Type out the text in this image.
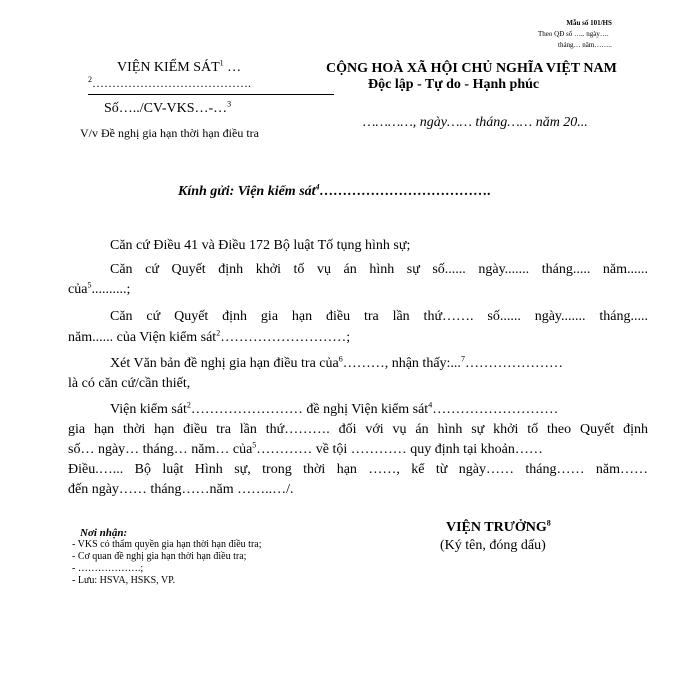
Mẫu số 101/HS
Theo QĐ số ….. ngày….
tháng… năm……..
VIỆN KIỂM SÁT$^1$ …
$^2$………………………………….
Số…../CV-VKS…-…$^3$
V/v Đề nghị gia hạn thời hạn điều tra
CỘNG HOÀ XÃ HỘI CHỦ NGHĨA VIỆT NAM
Độc lập - Tự do - Hạnh phúc
…………, ngày…… tháng…… năm 20...
Kính gửi: Viện kiểm sát$^4$……………………………….
Căn cứ Điều 41 và Điều 172 Bộ luật Tố tụng hình sự;
Căn cứ Quyết định khởi tố vụ án hình sự số...... ngày....... tháng..... năm......
của$^5$..........;
Căn cứ Quyết định gia hạn điều tra lần thứ……. số...... ngày....... tháng.....
năm...... của Viện kiểm sát$^2$………………………;
Xét Văn bản đề nghị gia hạn điều tra của$^6$………, nhận thấy:...$^7$…………………
là có căn cứ/cần thiết,
Viện kiểm sát$^2$…………………… đề nghị Viện kiểm sát$^4$………………………
gia hạn thời hạn điều tra lần thứ………. đối với vụ án hình sự khởi tố theo Quyết định
số… ngày… tháng… năm… của$^5$………… về tội ………… quy định tại khoản……
Điều.…... Bộ luật Hình sự, trong thời hạn ……, kể từ ngày…… tháng…… năm……
đến ngày…… tháng……năm ……..…/.
Nơi nhận:
- VKS có thẩm quyền gia hạn thời hạn điều tra;
- Cơ quan đề nghị gia hạn thời hạn điều tra;
- ……………….;
- Lưu: HSVA, HSKS, VP.
VIỆN TRƯỞNG$^8$
(Ký tên, đóng dấu)
